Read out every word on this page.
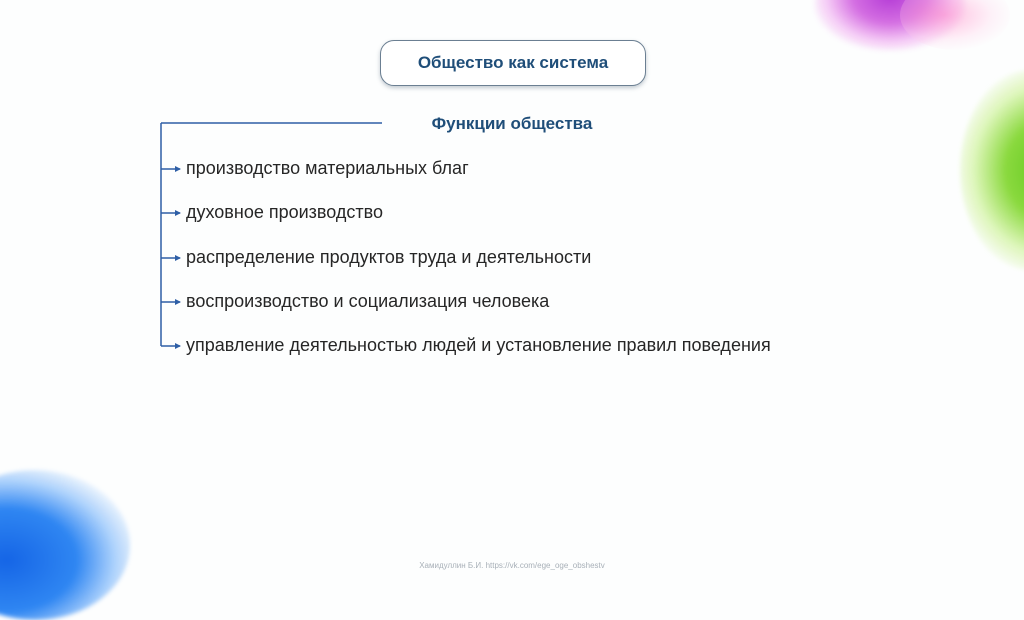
Общество как система
Функции общества
производство материальных благ
духовное производство
распределение продуктов труда и деятельности
воспроизводство и социализация человека
управление деятельностью людей и установление правил поведения
Хамидуллин Б.И. https://vk.com/ege_oge_obshestv
